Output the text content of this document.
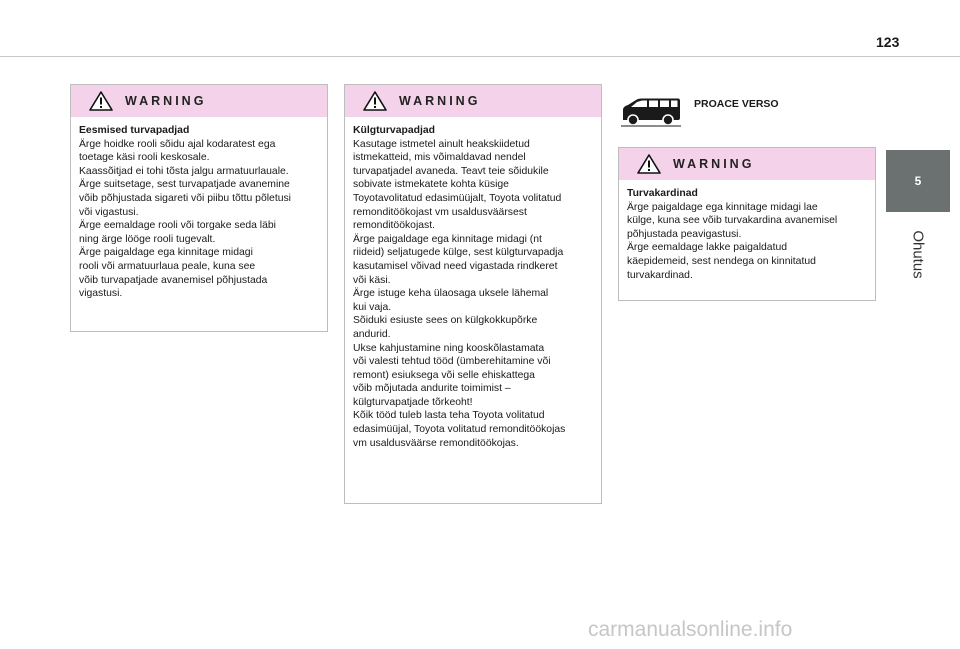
123
5
Ohutus
WARNING
Eesmised turvapadjad
Ärge hoidke rooli sõidu ajal kodaratest ega
toetage käsi rooli keskosale.
Kaassõitjad ei tohi tõsta jalgu armatuurlauale.
Ärge suitsetage, sest turvapatjade avanemine
võib põhjustada sigareti või piibu tõttu põletusi
või vigastusi.
Ärge eemaldage rooli või torgake seda läbi
ning ärge lööge rooli tugevalt.
Ärge paigaldage ega kinnitage midagi
rooli või armatuurlaua peale, kuna see
võib turvapatjade avanemisel põhjustada
vigastusi.
WARNING
Külgturvapadjad
Kasutage istmetel ainult heakskiidetud
istmekatteid, mis võimaldavad nendel
turvapatjadel avaneda. Teavt teie sõidukile
sobivate istmekatete kohta küsige
Toyotavolitatud edasimüüjalt, Toyota volitatud
remonditöökojast vm usaldusväärsest
remonditöökojast.
Ärge paigaldage ega kinnitage midagi (nt
riideid) seljatugede külge, sest külgturvapadja
kasutamisel võivad need vigastada rindkeret
või käsi.
Ärge istuge keha ülaosaga uksele lähemal
kui vaja.
Sõiduki esiuste sees on külgkokkupõrke
andurid.
Ukse kahjustamine ning kooskõlastamata
või valesti tehtud tööd (ümberehitamine või
remont) esiuksega või selle ehiskattega
võib mõjutada andurite toimimist –
külgturvapatjade tõrkeoht!
Kõik tööd tuleb lasta teha Toyota volitatud
edasimüüjal, Toyota volitatud remonditöökojas
vm usaldusväärse remonditöökojas.
PROACE VERSO
WARNING
Turvakardinad
Ärge paigaldage ega kinnitage midagi lae
külge, kuna see võib turvakardina avanemisel
põhjustada peavigastusi.
Ärge eemaldage lakke paigaldatud
käepidemeid, sest nendega on kinnitatud
turvakardinad.
carmanualsonline.info
